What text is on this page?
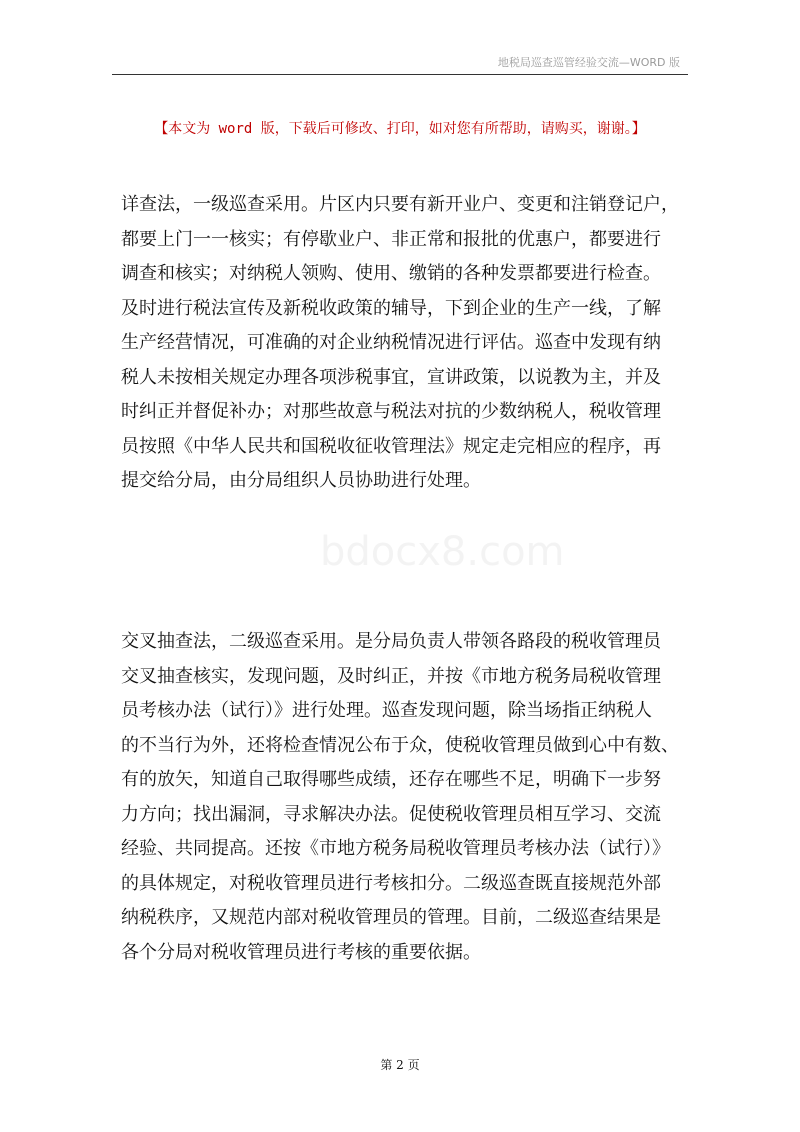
地税局巡查巡管经验交流—WORD 版
【本文为 word 版，下载后可修改、打印，如对您有所帮助，请购买，谢谢。】

详查法，一级巡查采用。片区内只要有新开业户、变更和注销登记户，
都要上门一一核实；有停歇业户、非正常和报批的优惠户，都要进行
调查和核实；对纳税人领购、使用、缴销的各种发票都要进行检查。
及时进行税法宣传及新税收政策的辅导，下到企业的生产一线，了解
生产经营情况，可准确的对企业纳税情况进行评估。巡查中发现有纳
税人未按相关规定办理各项涉税事宜，宣讲政策，以说教为主，并及
时纠正并督促补办；对那些故意与税法对抗的少数纳税人，税收管理
员按照《中华人民共和国税收征收管理法》规定走完相应的程序，再
提交给分局，由分局组织人员协助进行处理。

bdocx8.com

交叉抽查法，二级巡查采用。是分局负责人带领各路段的税收管理员
交叉抽查核实，发现问题，及时纠正，并按《市地方税务局税收管理
员考核办法（试行）》进行处理。巡查发现问题，除当场指正纳税人
的不当行为外，还将检查情况公布于众，使税收管理员做到心中有数、
有的放矢，知道自己取得哪些成绩，还存在哪些不足，明确下一步努
力方向；找出漏洞，寻求解决办法。促使税收管理员相互学习、交流
经验、共同提高。还按《市地方税务局税收管理员考核办法（试行）》
的具体规定，对税收管理员进行考核扣分。二级巡查既直接规范外部
纳税秩序，又规范内部对税收管理员的管理。目前，二级巡查结果是
各个分局对税收管理员进行考核的重要依据。

第 2 页
